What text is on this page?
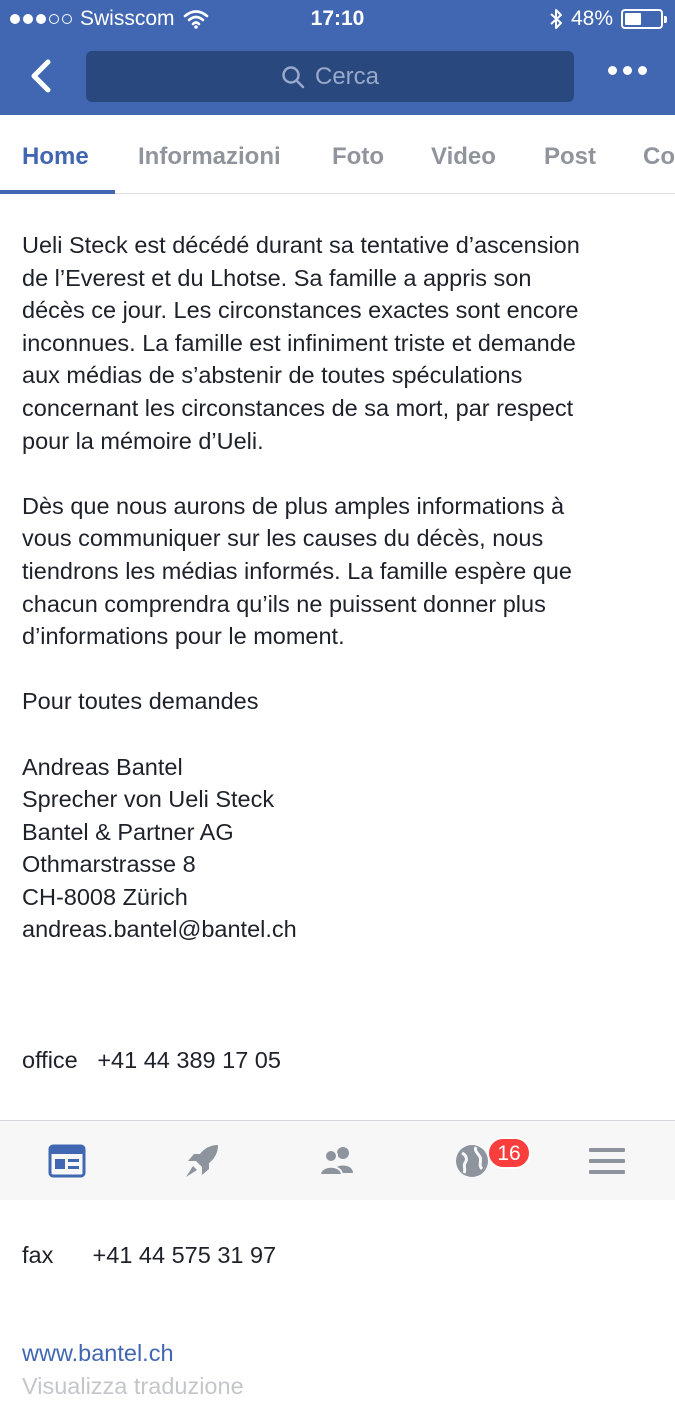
Swisscom	17:10	48%
Cerca
Home Informazioni Foto Video Post Co
Ueli Steck est décédé durant sa tentative d’ascension
de l’Everest et du Lhotse. Sa famille a appris son
décès ce jour. Les circonstances exactes sont encore
inconnues. La famille est infiniment triste et demande
aux médias de s’abstenir de toutes spéculations
concernant les circonstances de sa mort, par respect
pour la mémoire d’Ueli.
Dès que nous aurons de plus amples informations à
vous communiquer sur les causes du décès, nous
tiendrons les médias informés. La famille espère que
chacun comprendra qu’ils ne puissent donner plus
d’informations pour le moment.
Pour toutes demandes
Andreas Bantel
Sprecher von Ueli Steck
Bantel & Partner AG
Othmarstrasse 8
CH-8008 Zürich
andreas.bantel@bantel.ch

office   +41 44 389 17 05

fax      +41 44 575 31 97

www.bantel.ch
Visualizza traduzione
16
